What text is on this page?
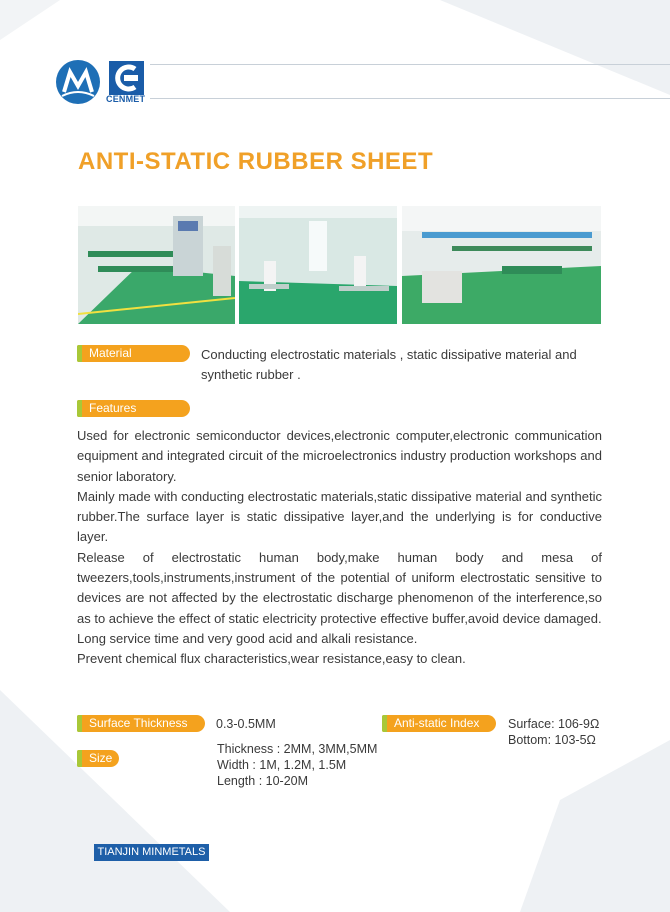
CENMET
ANTI-STATIC RUBBER SHEET
Material	Conducting electrostatic materials , static dissipative material and
synthetic rubber .
Features

Used for electronic semiconductor devices,electronic computer,electronic communication equipment and integrated circuit of the microelectronics industry production workshops and senior laboratory.

Mainly made with conducting electrostatic materials,static dissipative material and synthetic rubber.The surface layer is static dissipative layer,and the underlying is for conductive layer.

Release of electrostatic human body,make human body and mesa of tweezers,tools,instruments,instrument of the potential of uniform electrostatic sensitive to devices are not affected by the electrostatic discharge phenomenon of the interference,so as to achieve the effect of static electricity protective effective buffer,avoid device damaged.

Long service time and very good acid and alkali resistance.

Prevent chemical flux characteristics,wear resistance,easy to clean.

Surface Thickness	0.3-0.5MM
Size
Thickness : 2MM, 3MM,5MM
Width : 1M, 1.2M, 1.5M
Length : 10-20M
Anti-static Index	Surface: 106-9Ω
Bottom: 103-5Ω
TIANJIN MINMETALS
